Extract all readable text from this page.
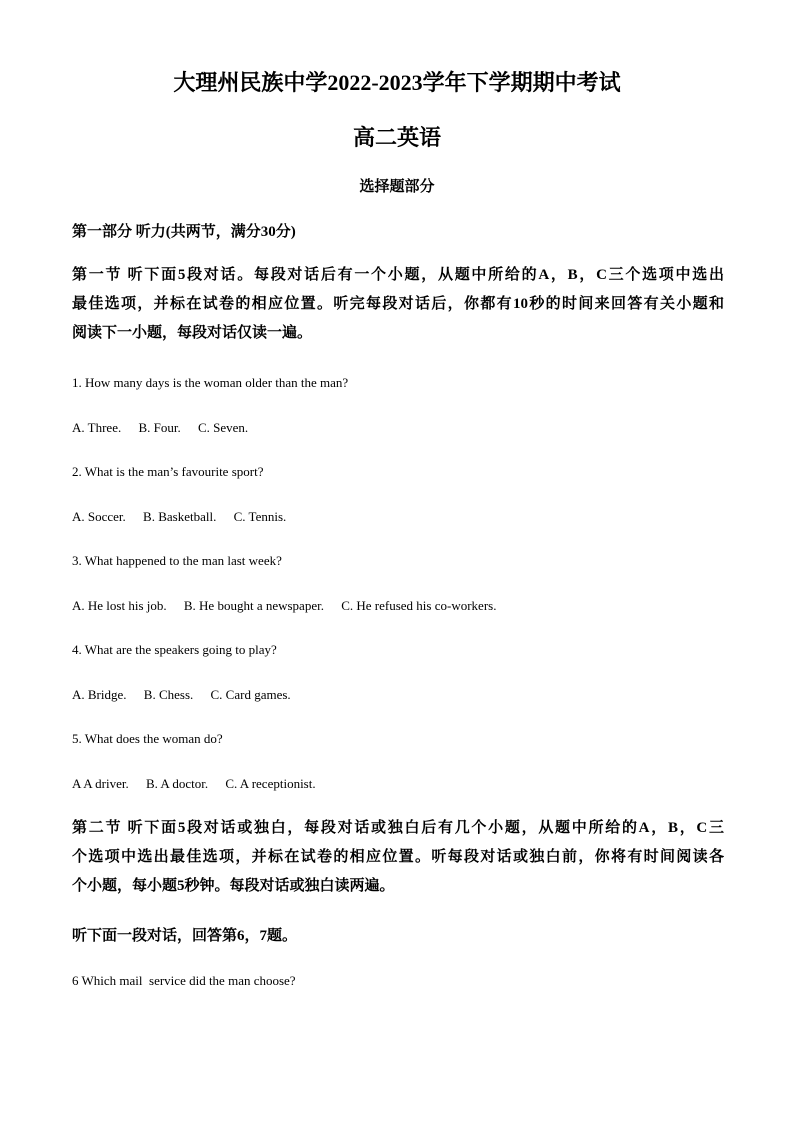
大理州民族中学2022-2023学年下学期期中考试
高二英语
选择题部分
第一部分 听力(共两节，满分30分)
第一节 听下面5段对话。每段对话后有一个小题，从题中所给的A，B，C三个选项中选出
最佳选项，并标在试卷的相应位置。听完每段对话后，你都有10秒的时间来回答有关小题和
阅读下一小题，每段对话仅读一遍。
1. How many days is the woman older than the man?
A. Three. B. Four. C. Seven.
2. What is the man’s favourite sport?
A. Soccer. B. Basketball. C. Tennis.
3. What happened to the man last week?
A. He lost his job. B. He bought a newspaper. C. He refused his co-workers.
4. What are the speakers going to play?
A. Bridge. B. Chess. C. Card games.
5. What does the woman do?
A A driver. B. A doctor. C. A receptionist.
第二节 听下面5段对话或独白，每段对话或独白后有几个小题，从题中所给的A，B，C三
个选项中选出最佳选项，并标在试卷的相应位置。听每段对话或独白前，你将有时间阅读各
个小题，每小题5秒钟。每段对话或独白读两遍。
听下面一段对话，回答第6，7题。
6 Which mail  service did the man choose?
